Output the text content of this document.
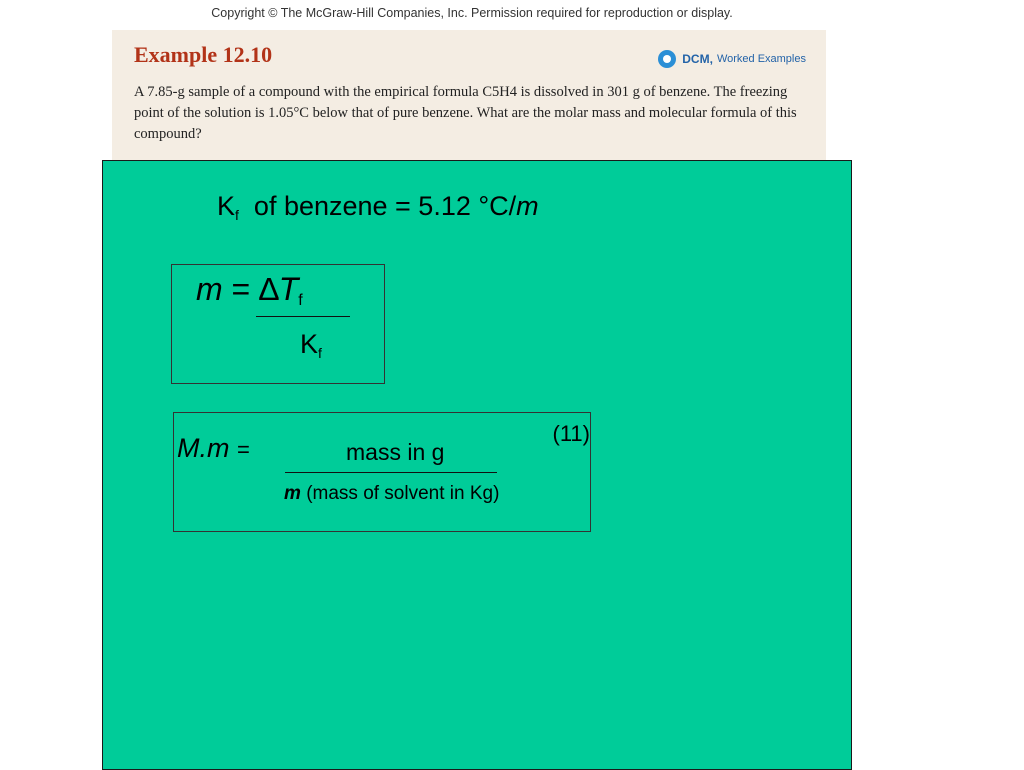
Copyright © The McGraw-Hill Companies, Inc. Permission required for reproduction or display.
Example 12.10	DCM, Worked Examples
A 7.85-g sample of a compound with the empirical formula C5H4 is dissolved in 301 g of benzene. The freezing point of the solution is 1.05°C below that of pure benzene. What are the molar mass and molecular formula of this compound?
$K_f$ of benzene = 5.12 °C/m
$m = \Delta T_f$
$K_f$
M.m =	mass in g
m (mass of solvent in Kg)
(11)
